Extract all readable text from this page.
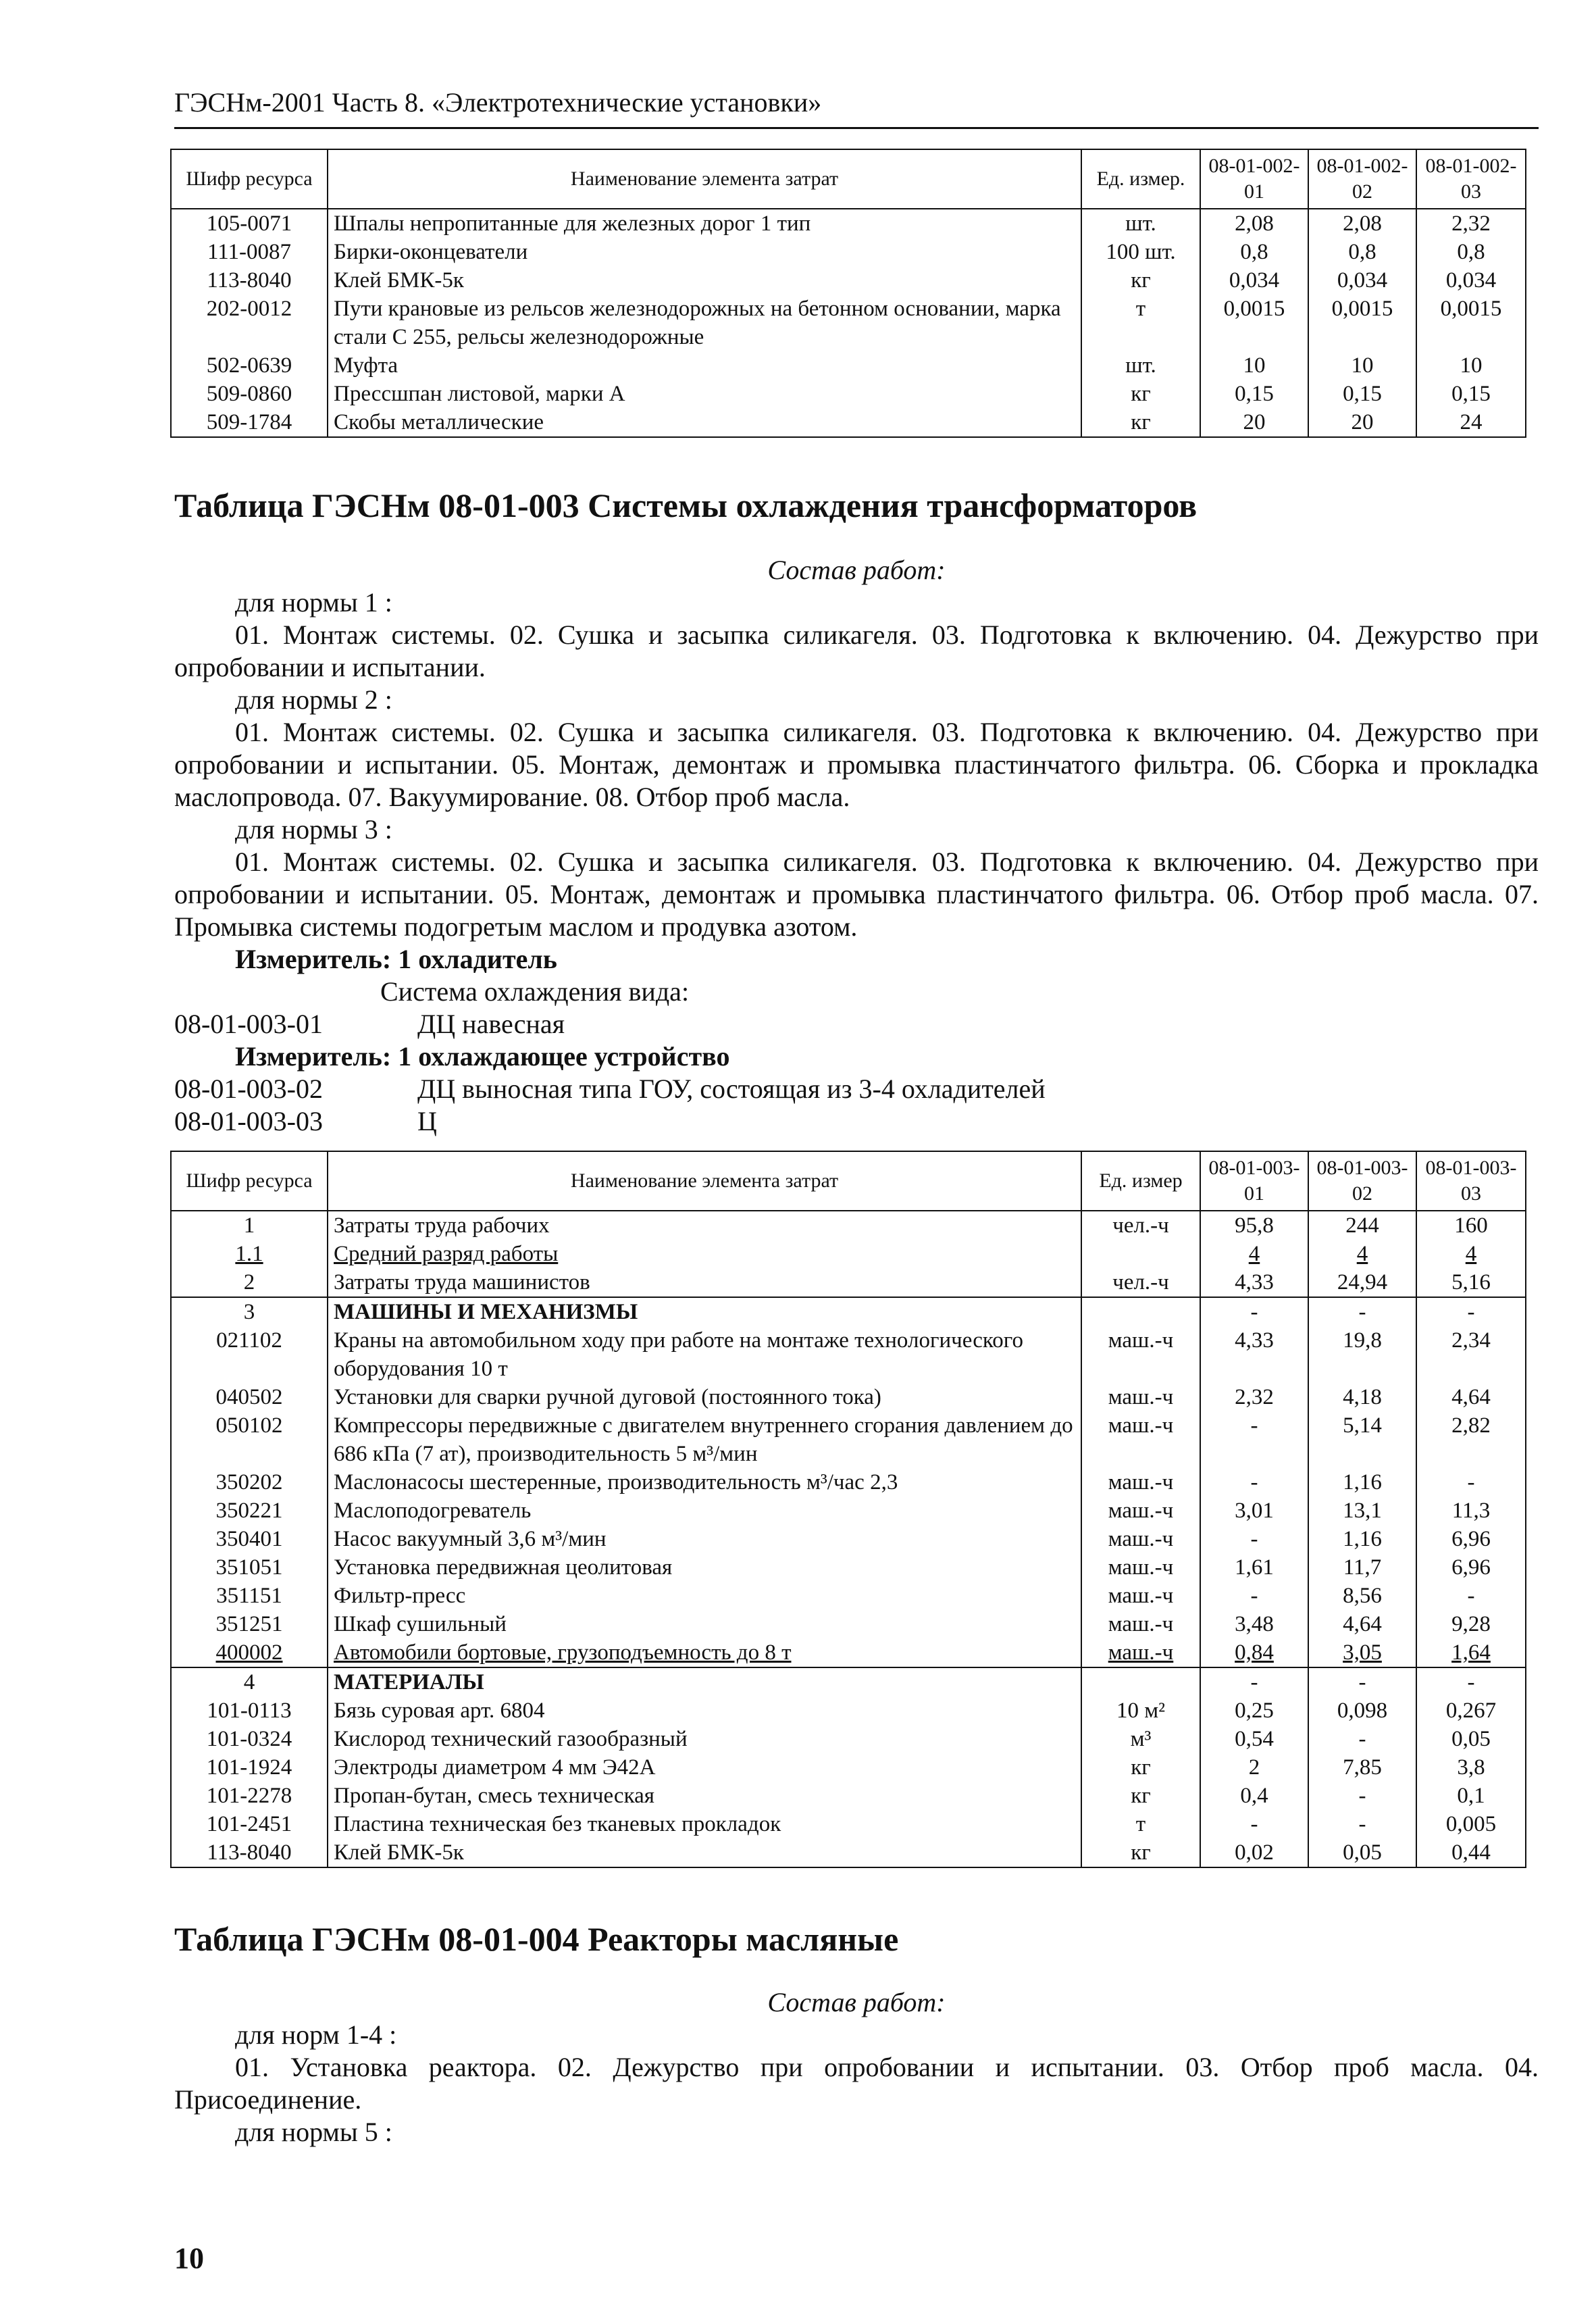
ГЭСНм-2001 Часть 8. «Электротехнические установки»
Шифр ресурса	Наименование элемента затрат	Ед. измер.	08-01-002-01	08-01-002-02	08-01-002-03
105-0071	Шпалы непропитанные для железных дорог 1 тип	шт.	2,08	2,08	2,32
111-0087	Бирки-оконцеватели	100 шт.	0,8	0,8	0,8
113-8040	Клей БМК-5к	кг	0,034	0,034	0,034
202-0012	Пути крановые из рельсов железнодорожных на бетонном основании, марка стали С 255, рельсы железнодорожные	т	0,0015	0,0015	0,0015
502-0639	Муфта	шт.	10	10	10
509-0860	Прессшпан листовой, марки А	кг	0,15	0,15	0,15
509-1784	Скобы металлические	кг	20	20	24
Таблица ГЭСНм 08-01-003 Системы охлаждения трансформаторов
Состав работ:

для нормы 1 :

01. Монтаж системы. 02. Сушка и засыпка силикагеля. 03. Подготовка к включению. 04. Дежурство при опробовании и испытании.

для нормы 2 :

01. Монтаж системы. 02. Сушка и засыпка силикагеля. 03. Подготовка к включению. 04. Дежурство при опробовании и испытании. 05. Монтаж, демонтаж и промывка пластинчатого фильтра. 06. Сборка и прокладка маслопровода. 07. Вакуумирование. 08. Отбор проб масла.

для нормы 3 :

01. Монтаж системы. 02. Сушка и засыпка силикагеля. 03. Подготовка к включению. 04. Дежурство при опробовании и испытании. 05. Монтаж, демонтаж и промывка пластинчатого фильтра. 06. Отбор проб масла. 07. Промывка системы подогретым маслом и продувка азотом.

Измеритель: 1 охладитель

Система охлаждения вида:

08-01-003-01	ДЦ навесная

Измеритель: 1 охлаждающее устройство

08-01-003-02	ДЦ выносная типа ГОУ, состоящая из 3-4 охладителей
08-01-003-03	Ц
Шифр ресурса	Наименование элемента затрат	Ед. измер	08-01-003-01	08-01-003-02	08-01-003-03
1	Затраты труда рабочих	чел.-ч	95,8	244	160
1.1	Средний разряд работы		4	4	4
2	Затраты труда машинистов	чел.-ч	4,33	24,94	5,16
3	МАШИНЫ И МЕХАНИЗМЫ		-	-	-
021102	Краны на автомобильном ходу при работе на монтаже технологического оборудования 10 т	маш.-ч	4,33	19,8	2,34
040502	Установки для сварки ручной дуговой (постоянного тока)	маш.-ч	2,32	4,18	4,64
050102	Компрессоры передвижные с двигателем внутреннего сгорания давлением до 686 кПа (7 ат), производительность 5 м³/мин	маш.-ч	-	5,14	2,82
350202	Маслонасосы шестеренные, производительность м³/час 2,3	маш.-ч	-	1,16	-
350221	Маслоподогреватель	маш.-ч	3,01	13,1	11,3
350401	Насос вакуумный 3,6 м³/мин	маш.-ч	-	1,16	6,96
351051	Установка передвижная цеолитовая	маш.-ч	1,61	11,7	6,96
351151	Фильтр-пресс	маш.-ч	-	8,56	-
351251	Шкаф сушильный	маш.-ч	3,48	4,64	9,28
400002	Автомобили бортовые, грузоподъемность до 8 т	маш.-ч	0,84	3,05	1,64
4	МАТЕРИАЛЫ		-	-	-
101-0113	Бязь суровая арт. 6804	10 м²	0,25	0,098	0,267
101-0324	Кислород технический газообразный	м³	0,54	-	0,05
101-1924	Электроды диаметром 4 мм Э42А	кг	2	7,85	3,8
101-2278	Пропан-бутан, смесь техническая	кг	0,4	-	0,1
101-2451	Пластина техническая без тканевых прокладок	т	-	-	0,005
113-8040	Клей БМК-5к	кг	0,02	0,05	0,44
Таблица ГЭСНм 08-01-004 Реакторы масляные
Состав работ:

для норм 1-4 :

01. Установка реактора. 02. Дежурство при опробовании и испытании. 03. Отбор проб масла. 04. Присоединение.

для нормы 5 :

10
